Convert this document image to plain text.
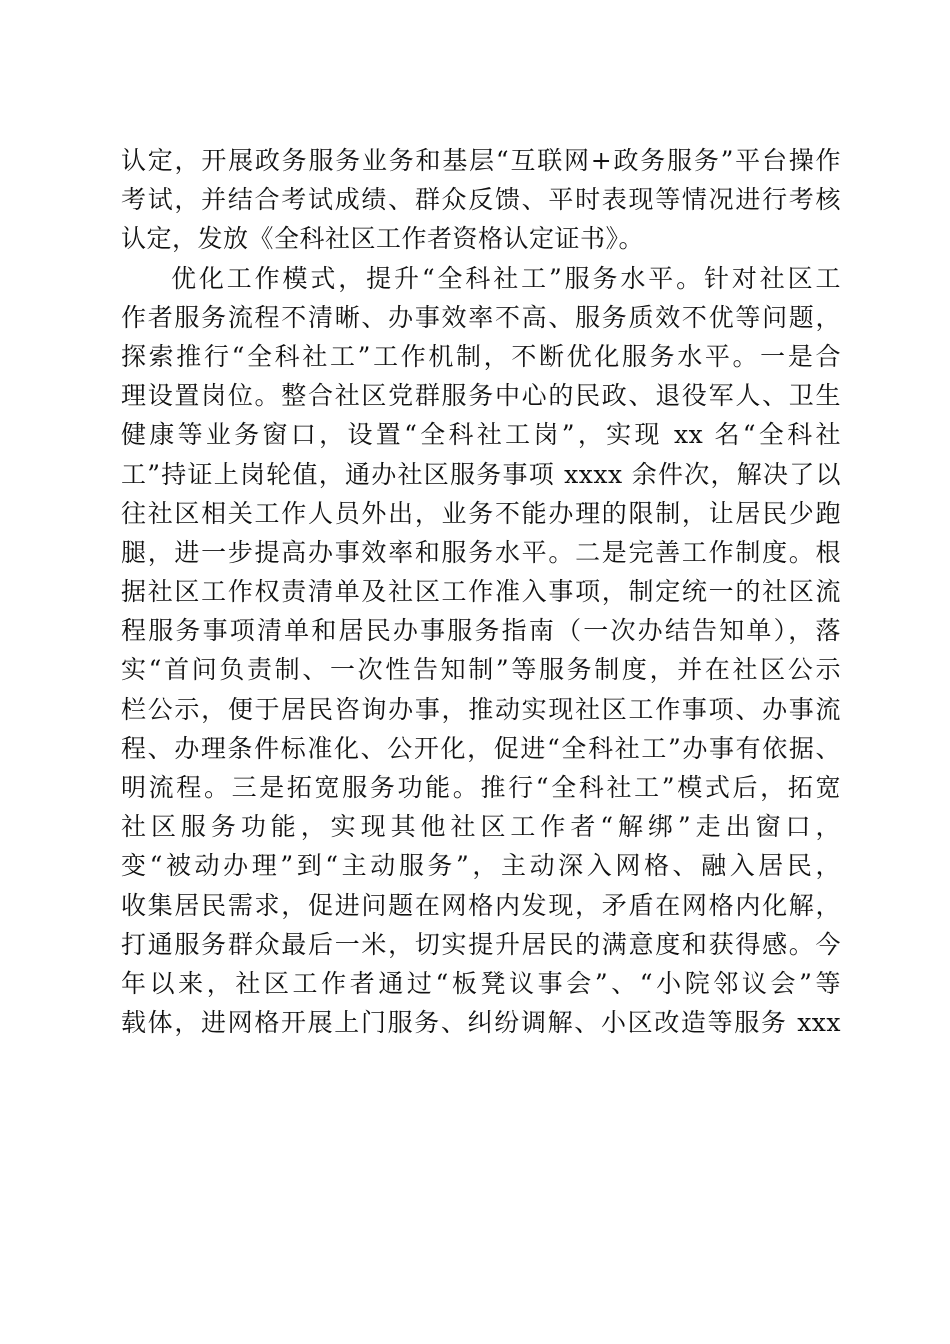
认定，开展政务服务业务和基层“互联网+政务服务”平台操作
考试，并结合考试成绩、群众反馈、平时表现等情况进行考核
认定，发放《全科社区工作者资格认定证书》。
优化工作模式，提升“全科社工”服务水平。针对社区工
作者服务流程不清晰、办事效率不高、服务质效不优等问题，
探索推行“全科社工”工作机制，不断优化服务水平。一是合
理设置岗位。整合社区党群服务中心的民政、退役军人、卫生
健康等业务窗口，设置“全科社工岗”，实现 xx 名“全科社
工”持证上岗轮值，通办社区服务事项 xxxx 余件次，解决了以
往社区相关工作人员外出，业务不能办理的限制，让居民少跑
腿，进一步提高办事效率和服务水平。二是完善工作制度。根
据社区工作权责清单及社区工作准入事项，制定统一的社区流
程服务事项清单和居民办事服务指南（一次办结告知单），落
实“首问负责制、一次性告知制”等服务制度，并在社区公示
栏公示，便于居民咨询办事，推动实现社区工作事项、办事流
程、办理条件标准化、公开化，促进“全科社工”办事有依据、
明流程。三是拓宽服务功能。推行“全科社工”模式后，拓宽
社区服务功能，实现其他社区工作者“解绑”走出窗口，
变“被动办理”到“主动服务”，主动深入网格、融入居民，
收集居民需求，促进问题在网格内发现，矛盾在网格内化解，
打通服务群众最后一米，切实提升居民的满意度和获得感。今
年以来，社区工作者通过“板凳议事会”、“小院邻议会”等
载体，进网格开展上门服务、纠纷调解、小区改造等服务 xxx
